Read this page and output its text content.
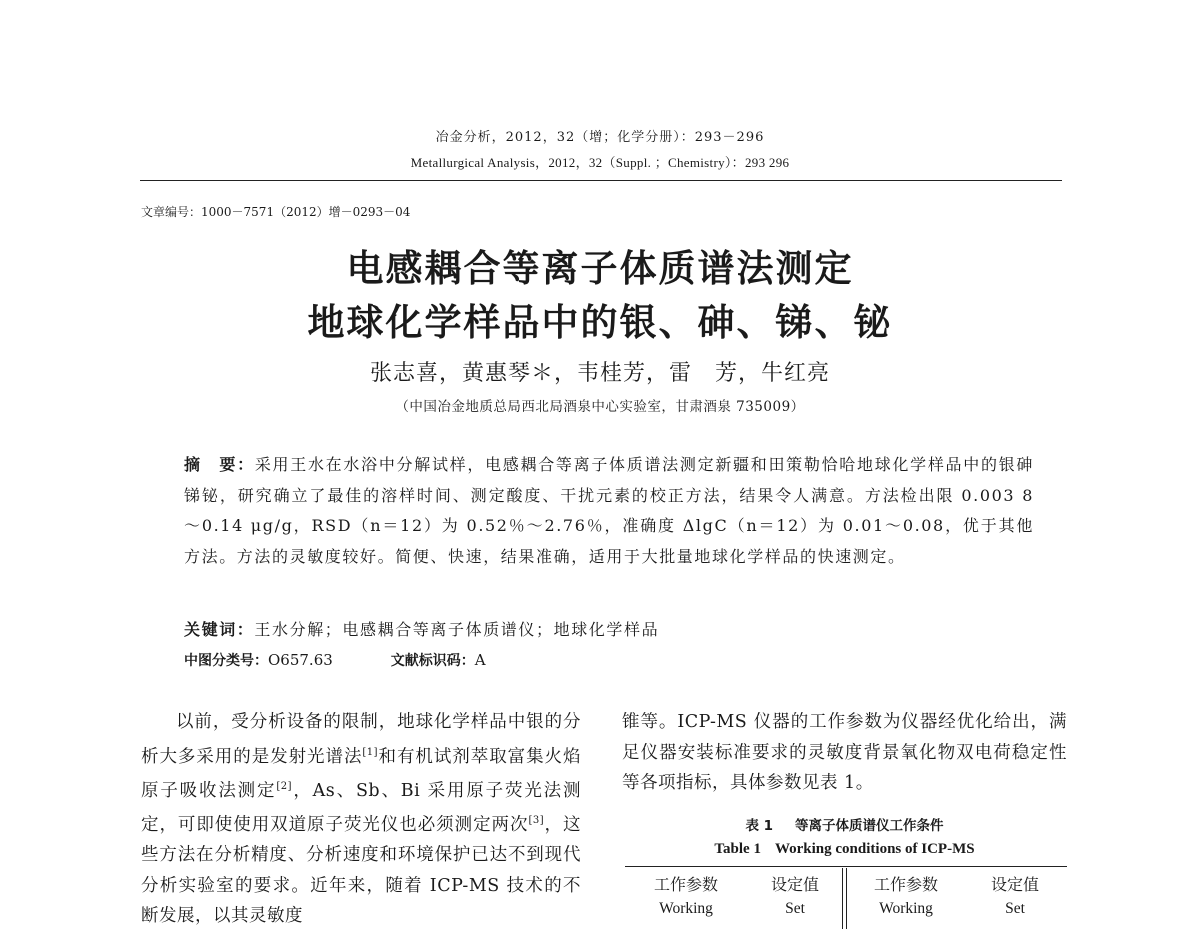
冶金分析，2012，32（增；化学分册）：293－296
Metallurgical Analysis，2012，32（Suppl. ；Chemistry）：293 296
文章编号：1000－7571（2012）增－0293－04
电感耦合等离子体质谱法测定
地球化学样品中的银、砷、锑、铋
张志喜，黄惠琴＊，韦桂芳，雷　芳，牛红亮
（中国冶金地质总局西北局酒泉中心实验室，甘肃酒泉 735009）

摘　要：采用王水在水浴中分解试样，电感耦合等离子体质谱法测定新疆和田策勒恰哈地球化学样品中的银砷锑铋，研究确立了最佳的溶样时间、测定酸度、干扰元素的校正方法，结果令人满意。方法检出限 0.003 8～0.14 μg/g，RSD（n＝12）为 0.52％～2.76％，准确度 ΔlgC（n＝12）为 0.01～0.08，优于其他方法。方法的灵敏度较好。简便、快速，结果准确，适用于大批量地球化学样品的快速测定。

关键词：王水分解；电感耦合等离子体质谱仪；地球化学样品
中图分类号：O657.63	文献标识码：A

以前，受分析设备的限制，地球化学样品中银的分析大多采用的是发射光谱法[1]和有机试剂萃取富集火焰原子吸收法测定[2]，As、Sb、Bi 采用原子荧光法测定，可即使使用双道原子荧光仪也必须测定两次[3]，这些方法在分析精度、分析速度和环境保护已达不到现代分析实验室的要求。近年来，随着 ICP-MS 技术的不断发展，以其灵敏度

锥等。ICP-MS 仪器的工作参数为仪器经优化给出，满足仪器安装标准要求的灵敏度背景氧化物双电荷稳定性等各项指标，具体参数见表 1。

表 1 等离子体质谱仪工作条件
Table 1 Working conditions of ICP-MS
工作参数	设定值	工作参数	设定值
Working	Set	Working	Set
